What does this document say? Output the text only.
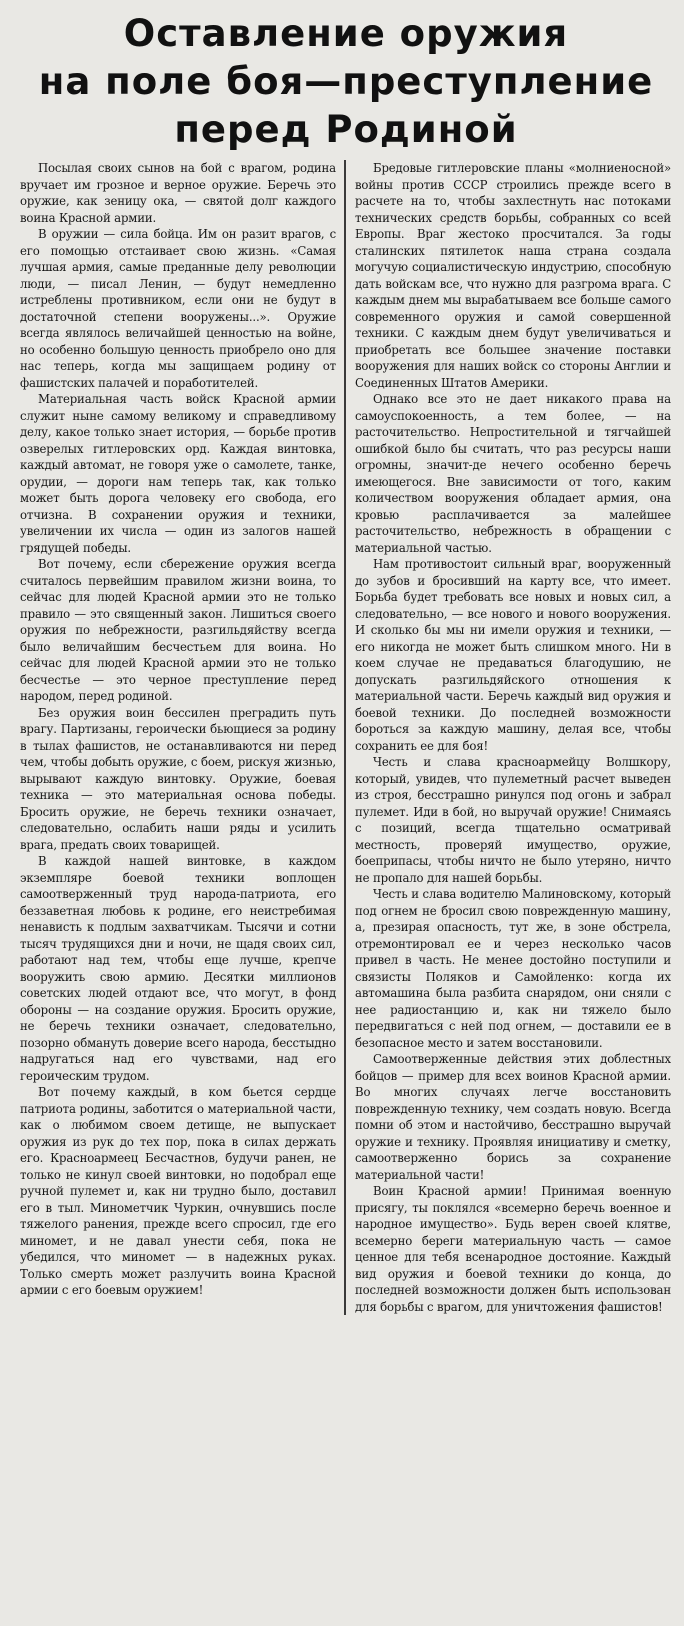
Оставление оружия
на поле боя—преступление
перед Родиной

Посылая своих сынов на бой с врагом, родина вручает им грозное и верное оружие. Беречь это оружие, как зеницу ока, — святой долг каждого воина Красной армии.

В оружии — сила бойца. Им он разит врагов, с его помощью отстаивает свою жизнь. «Самая лучшая армия, самые преданные делу революции люди, — писал Ленин, — будут немедленно истреблены противником, если они не будут в достаточной степени вооружены...». Оружие всегда являлось величайшей ценностью на войне, но особенно большую ценность приобрело оно для нас теперь, когда мы защищаем родину от фашистских палачей и поработителей.

Материальная часть войск Красной армии служит ныне самому великому и справедливому делу, какое только знает история, — борьбе против озверелых гитлеровских орд. Каждая винтовка, каждый автомат, не говоря уже о самолете, танке, орудии, — дороги нам теперь так, как только может быть дорога человеку его свобода, его отчизна. В сохранении оружия и техники, увеличении их числа — один из залогов нашей грядущей победы.

Вот почему, если сбережение оружия всегда считалось первейшим правилом жизни воина, то сейчас для людей Красной армии это не только правило — это священный закон. Лишиться своего оружия по небрежности, разгильдяйству всегда было величайшим бесчестьем для воина. Но сейчас для людей Красной армии это не только бесчестье — это черное преступление перед народом, перед родиной.

Без оружия воин бессилен преградить путь врагу. Партизаны, героически бьющиеся за родину в тылах фашистов, не останавливаются ни перед чем, чтобы добыть оружие, с боем, рискуя жизнью, вырывают каждую винтовку. Оружие, боевая техника — это материальная основа победы. Бросить оружие, не беречь техники означает, следовательно, ослабить наши ряды и усилить врага, предать своих товарищей.

В каждой нашей винтовке, в каждом экземпляре боевой техники воплощен самоотверженный труд народа-патриота, его беззаветная любовь к родине, его неистребимая ненависть к подлым захватчикам. Тысячи и сотни тысяч трудящихся дни и ночи, не щадя своих сил, работают над тем, чтобы еще лучше, крепче вооружить свою армию. Десятки миллионов советских людей отдают все, что могут, в фонд обороны — на создание оружия. Бросить оружие, не беречь техники означает, следовательно, позорно обмануть доверие всего народа, бесстыдно надругаться над его чувствами, над его героическим трудом.

Вот почему каждый, в ком бьется сердце патриота родины, заботится о материальной части, как о любимом своем детище, не выпускает оружия из рук до тех пор, пока в силах держать его. Красноармеец Бесчастнов, будучи ранен, не только не кинул своей винтовки, но подобрал еще ручной пулемет и, как ни трудно было, доставил его в тыл. Минометчик Чуркин, очнувшись после тяжелого ранения, прежде всего спросил, где его миномет, и не давал унести себя, пока не убедился, что миномет — в надежных руках. Только смерть может разлучить воина Красной армии с его боевым оружием!

Бредовые гитлеровские планы «молниеносной» войны против СССР строились прежде всего в расчете на то, чтобы захлестнуть нас потоками технических средств борьбы, собранных со всей Европы. Враг жестоко просчитался. За годы сталинских пятилеток наша страна создала могучую социалистическую индустрию, способную дать войскам все, что нужно для разгрома врага. С каждым днем мы вырабатываем все больше самого современного оружия и самой совершенной техники. С каждым днем будут увеличиваться и приобретать все большее значение поставки вооружения для наших войск со стороны Англии и Соединенных Штатов Америки.

Однако все это не дает никакого права на самоуспокоенность, а тем более, — на расточительство. Непростительной и тягчайшей ошибкой было бы считать, что раз ресурсы наши огромны, значит-де нечего особенно беречь имеющегося. Вне зависимости от того, каким количеством вооружения обладает армия, она кровью расплачивается за малейшее расточительство, небрежность в обращении с материальной частью.

Нам противостоит сильный враг, вооруженный до зубов и бросивший на карту все, что имеет. Борьба будет требовать все новых и новых сил, а следовательно, — все нового и нового вооружения. И сколько бы мы ни имели оружия и техники, — его никогда не может быть слишком много. Ни в коем случае не предаваться благодушию, не допускать разгильдяйского отношения к материальной части. Беречь каждый вид оружия и боевой техники. До последней возможности бороться за каждую машину, делая все, чтобы сохранить ее для боя!

Честь и слава красноармейцу Волшкору, который, увидев, что пулеметный расчет выведен из строя, бесстрашно ринулся под огонь и забрал пулемет. Иди в бой, но выручай оружие! Снимаясь с позиций, всегда тщательно осматривай местность, проверяй имущество, оружие, боеприпасы, чтобы ничто не было утеряно, ничто не пропало для нашей борьбы.

Честь и слава водителю Малиновскому, который под огнем не бросил свою поврежденную машину, а, презирая опасность, тут же, в зоне обстрела, отремонтировал ее и через несколько часов привел в часть. Не менее достойно поступили и связисты Поляков и Самойленко: когда их автомашина была разбита снарядом, они сняли с нее радиостанцию и, как ни тяжело было передвигаться с ней под огнем, — доставили ее в безопасное место и затем восстановили.

Самоотверженные действия этих доблестных бойцов — пример для всех воинов Красной армии. Во многих случаях легче восстановить поврежденную технику, чем создать новую. Всегда помни об этом и настойчиво, бесстрашно выручай оружие и технику. Проявляя инициативу и сметку, самоотверженно борись за сохранение материальной части!

Воин Красной армии! Принимая военную присягу, ты поклялся «всемерно беречь военное и народное имущество». Будь верен своей клятве, всемерно береги материальную часть — самое ценное для тебя всенародное достояние. Каждый вид оружия и боевой техники до конца, до последней возможности должен быть использован для борьбы с врагом, для уничтожения фашистов!
